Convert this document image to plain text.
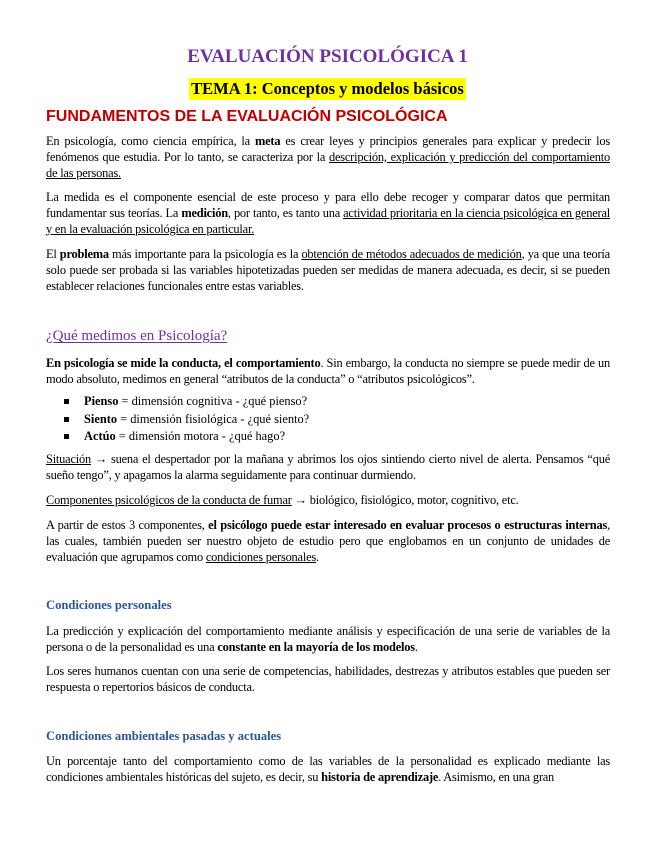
EVALUACIÓN PSICOLÓGICA 1
TEMA 1: Conceptos y modelos básicos
FUNDAMENTOS DE LA EVALUACIÓN PSICOLÓGICA

En psicología, como ciencia empírica, la meta es crear leyes y principios generales para explicar y predecir los fenómenos que estudia. Por lo tanto, se caracteriza por la descripción, explicación y predicción del comportamiento de las personas.

La medida es el componente esencial de este proceso y para ello debe recoger y comparar datos que permitan fundamentar sus teorías. La medición, por tanto, es tanto una actividad prioritaria en la ciencia psicológica en general y en la evaluación psicológica en particular.

El problema más importante para la psicología es la obtención de métodos adecuados de medición, ya que una teoría solo puede ser probada si las variables hipotetizadas pueden ser medidas de manera adecuada, es decir, si se pueden establecer relaciones funcionales entre estas variables.

¿Qué medimos en Psicología?

En psicología se mide la conducta, el comportamiento. Sin embargo, la conducta no siempre se puede medir de un modo absoluto, medimos en general “atributos de la conducta” o “atributos psicológicos”.

Pienso = dimensión cognitiva - ¿qué pienso?
Siento = dimensión fisiológica - ¿qué siento?
Actúo = dimensión motora - ¿qué hago?

Situación → suena el despertador por la mañana y abrimos los ojos sintiendo cierto nivel de alerta. Pensamos “qué sueño tengo”, y apagamos la alarma seguidamente para continuar durmiendo.

Componentes psicológicos de la conducta de fumar → biológico, fisiológico, motor, cognitivo, etc.

A partir de estos 3 componentes, el psicólogo puede estar interesado en evaluar procesos o estructuras internas, las cuales, también pueden ser nuestro objeto de estudio pero que englobamos en un conjunto de unidades de evaluación que agrupamos como condiciones personales.

Condiciones personales

La predicción y explicación del comportamiento mediante análisis y especificación de una serie de variables de la persona o de la personalidad es una constante en la mayoría de los modelos.

Los seres humanos cuentan con una serie de competencias, habilidades, destrezas y atributos estables que pueden ser respuesta o repertorios básicos de conducta.

Condiciones ambientales pasadas y actuales

Un porcentaje tanto del comportamiento como de las variables de la personalidad es explicado mediante las condiciones ambientales históricas del sujeto, es decir, su historia de aprendizaje. Asimismo, en una gran
